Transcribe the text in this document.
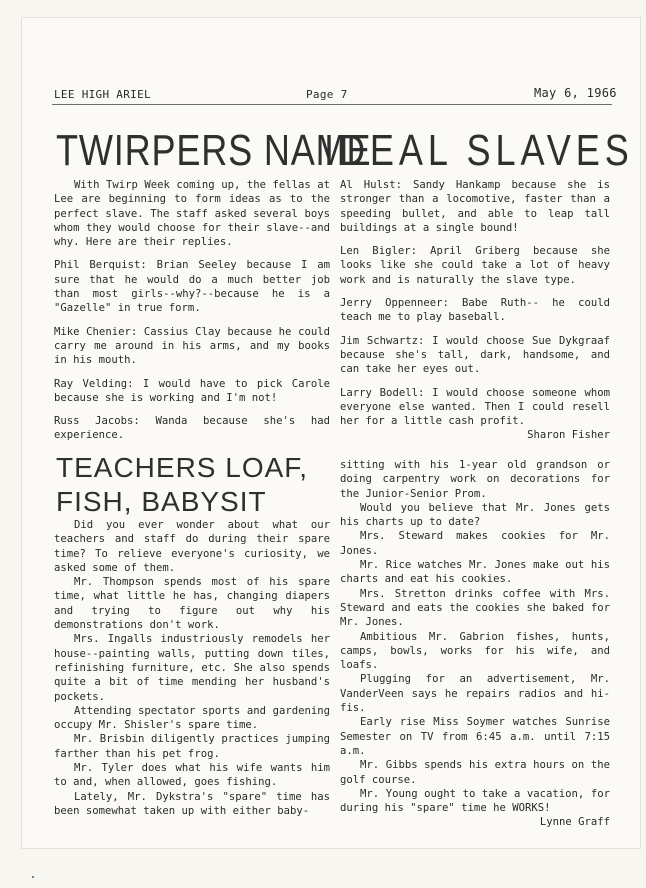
LEE HIGH ARIEL	Page 7	May 6, 1966
TWIRPERS NAME
IDEAL SLAVES

With Twirp Week coming up, the fellas at Lee are beginning to form ideas as to the perfect slave. The staff asked several boys whom they would choose for their slave--and why. Here are their replies.

Phil Berquist: Brian Seeley because I am sure that he would do a much better job than most girls--why?--because he is a "Gazelle" in true form.

Mike Chenier: Cassius Clay because he could carry me around in his arms, and my books in his mouth.

Ray Velding: I would have to pick Carole because she is working and I'm not!

Russ Jacobs: Wanda because she's had experience.

TEACHERS LOAF,
FISH, BABYSIT

Did you ever wonder about what our teachers and staff do during their spare time? To relieve everyone's curiosity, we asked some of them.

Mr. Thompson spends most of his spare time, what little he has, changing diapers and trying to figure out why his demonstrations don't work.

Mrs. Ingalls industriously remodels her house--painting walls, putting down tiles, refinishing furniture, etc. She also spends quite a bit of time mending her husband's pockets.

Attending spectator sports and gardening occupy Mr. Shisler's spare time.

Mr. Brisbin diligently practices jumping farther than his pet frog.

Mr. Tyler does what his wife wants him to and, when allowed, goes fishing.

Lately, Mr. Dykstra's "spare" time has been somewhat taken up with either baby-

Al Hulst: Sandy Hankamp because she is stronger than a locomotive, faster than a speeding bullet, and able to leap tall buildings at a single bound!

Len Bigler: April Griberg because she looks like she could take a lot of heavy work and is naturally the slave type.

Jerry Oppenneer: Babe Ruth-- he could teach me to play baseball.

Jim Schwartz: I would choose Sue Dykgraaf because she's tall, dark, handsome, and can take her eyes out.

Larry Bodell: I would choose someone whom everyone else wanted. Then I could resell her for a little cash profit.

Sharon Fisher

sitting with his 1-year old grandson or doing carpentry work on decorations for the Junior-Senior Prom.

Would you believe that Mr. Jones gets his charts up to date?

Mrs. Steward makes cookies for Mr. Jones.

Mr. Rice watches Mr. Jones make out his charts and eat his cookies.

Mrs. Stretton drinks coffee with Mrs. Steward and eats the cookies she baked for Mr. Jones.

Ambitious Mr. Gabrion fishes, hunts, camps, bowls, works for his wife, and loafs.

Plugging for an advertisement, Mr. VanderVeen says he repairs radios and hi-fis.

Early rise Miss Soymer watches Sunrise Semester on TV from 6:45 a.m. until 7:15 a.m.

Mr. Gibbs spends his extra hours on the golf course.

Mr. Young ought to take a vacation, for during his "spare" time he WORKS!

Lynne Graff
